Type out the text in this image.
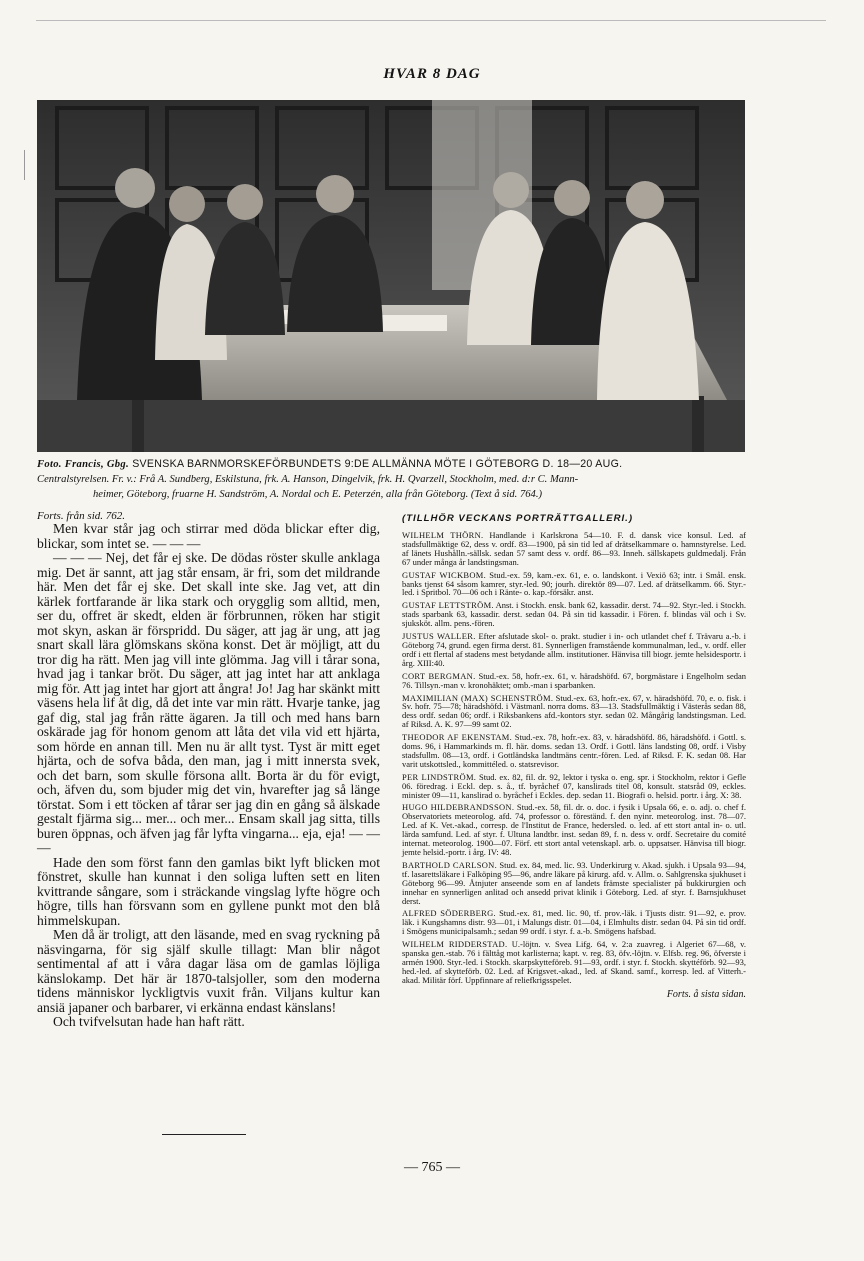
HVAR 8 DAG
Foto. Francis, Gbg. SVENSKA BARNMORSKEFÖRBUNDETS 9:DE ALLMÄNNA MÖTE I GÖTEBORG D. 18—20 AUG.
Centralstyrelsen. Fr. v.: Frå A. Sundberg, Eskilstuna, frk. A. Hanson, Dingelvik, frk. H. Qvarzell, Stockholm, med. d:r C. Mann-
heimer, Göteborg, fruarne H. Sandström, A. Nordal och E. Peterzén, alla från Göteborg. (Text å sid. 764.)
Forts. från sid. 762.

Men kvar står jag och stirrar med döda blickar efter dig, blickar, som intet se. — — —

— — — Nej, det får ej ske. De dödas röster skulle anklaga mig. Det är sannt, att jag står ensam, är fri, som det mildrande här. Men det får ej ske. Det skall inte ske. Jag vet, att din kärlek fortfarande är lika stark och orygglig som alltid, men, ser du, offret är skedt, elden är förbrunnen, röken har stigit mot skyn, askan är förspridd. Du säger, att jag är ung, att jag snart skall lära glömskans sköna konst. Det är möjligt, att du tror dig ha rätt. Men jag vill inte glömma. Jag vill i tårar sona, hvad jag i tankar bröt. Du säger, att jag intet har att anklaga mig för. Att jag intet har gjort att ångra! Jo! Jag har skänkt mitt väsens hela lif åt dig, då det inte var min rätt. Hvarje tanke, jag gaf dig, stal jag från rätte ägaren. Ja till och med hans barn oskärade jag för honom genom att låta det vila vid ett hjärta, som hörde en annan till. Men nu är allt tyst. Tyst är mitt eget hjärta, och de sofva båda, den man, jag i mitt innersta svek, och det barn, som skulle försona allt. Borta är du för evigt, och, äfven du, som bjuder mig det vin, hvarefter jag så länge törstat. Som i ett töcken af tårar ser jag din en gång så älskade gestalt fjärma sig... mer... och mer... Ensam skall jag sitta, tills buren öppnas, och äfven jag får lyfta vingarna... eja, eja! — — —

Hade den som först fann den gamlas bikt lyft blicken mot fönstret, skulle han kunnat i den soliga luften sett en liten kvittrande sångare, som i sträckande vingslag lyfte högre och högre, tills han försvann som en gyllene punkt mot den blå himmelskupan.

Men då är troligt, att den läsande, med en svag ryckning på näsvingarna, för sig själf skulle tillagt: Man blir något sentimental af att i våra dagar läsa om de gamlas löjliga känslokamp. Det här är 1870-talsjoller, som den moderna tidens människor lyckligtvis vuxit från. Viljans kultur kan ansiä japaner och barbarer, vi erkänna endast känslans!

Och tvifvelsutan hade han haft rätt.

(TILLHÖR VECKANS PORTRÄTTGALLERI.)

WILHELM THÖRN. Handlande i Karlskrona 54—10. F. d. dansk vice konsul. Led. af stadsfullmäktige 62, dess v. ordf. 83—1900, på sin tid led af drätselkammare o. hamnstyrelse. Led. af länets Hushålln.-sällsk. sedan 57 samt dess v. ordf. 86—93. Inneh. sällskapets guldmedalj. Från 67 under många år landstingsman.

GUSTAF WICKBOM. Stud.-ex. 59, kam.-ex. 61, e. o. landskont. i Vexiö 63; intr. i Smål. ensk. banks tjenst 64 såsom kamrer, styr.-led. 90; jourh. direktör 89—07. Led. af drätselkamm. 66. Styr.-led. i Spritbol. 70—06 och i Ränte- o. kap.-försäkr. anst.

GUSTAF LETTSTRÖM. Anst. i Stockh. ensk. bank 62, kassadir. derst. 74—92. Styr.-led. i Stockh. stads sparbank 63, kassadir. derst. sedan 04. På sin tid kassadir. i Fören. f. blindas väl och i Sv. sjuksköt. allm. pens.-fören.

JUSTUS WALLER. Efter afslutade skol- o. prakt. studier i in- och utlandet chef f. Trävaru a.-b. i Göteborg 74, grund. egen firma derst. 81. Synnerligen framstående kommunalman, led., v. ordf. eller ordf i ett flertal af stadens mest betydande allm. institutioner. Hänvisa till biogr. jemte helsidesportr. i årg. XIII:40.

CORT BERGMAN. Stud.-ex. 58, hofr.-ex. 61, v. häradshöfd. 67, borgmästare i Engelholm sedan 76. Tillsyn.-man v. kronohäktet; omb.-man i sparbanken.

MAXIMILIAN (MAX) SCHENSTRÖM. Stud.-ex. 63, hofr.-ex. 67, v. häradshöfd. 70, e. o. fisk. i Sv. hofr. 75—78; häradshöfd. i Västmanl. norra doms. 83—13. Stadsfullmäktig i Västerås sedan 88, dess ordf. sedan 06; ordf. i Riksbankens afd.-kontors styr. sedan 02. Mångårig landstingsman. Led. af Riksd. A. K. 97—99 samt 02.

THEODOR AF EKENSTAM. Stud.-ex. 78, hofr.-ex. 83, v. häradshöfd. 86, häradshöfd. i Gottl. s. doms. 96, i Hammarkinds m. fl. här. doms. sedan 13. Ordf. i Gottl. läns landsting 08, ordf. i Visby stadsfullm. 08—13, ordf. i Gottländska landtmäns centr.-fören. Led. af Riksd. F. K. sedan 08. Har varit utskottsled., kommittéled. o. statsrevisor.

PER LINDSTRÖM. Stud. ex. 82, fil. dr. 92, lektor i tyska o. eng. spr. i Stockholm, rektor i Gefle 06. föredrag. i Eckl. dep. s. å., tf. byråchef 07, kanslirads titel 08, konsult. statsråd 09, eckles. minister 09—11, kanslirad o. byråchef i Eckles. dep. sedan 11. Biografi o. helsid. portr. i årg. X: 38.

HUGO HILDEBRANDSSON. Stud.-ex. 58, fil. dr. o. doc. i fysik i Upsala 66, e. o. adj. o. chef f. Observatoriets meteorolog. afd. 74, professor o. föreständ. f. den nyinr. meteorolog. inst. 78—07. Led. af K. Vet.-akad., corresp. de l'Institut de France, hedersled. o. led. af ett stort antal in- o. utl. lärda samfund. Led. af styr. f. Ultuna landtbr. inst. sedan 89, f. n. dess v. ordf. Secretaire du comité internat. meteorolog. 1900—07. Förf. ett stort antal vetenskapl. arb. o. uppsatser. Hänvisa till biogr. jemte helsid.-portr. i årg. IV: 48.

BARTHOLD CARLSON. Stud. ex. 84, med. lic. 93. Underkirurg v. Akad. sjukh. i Upsala 93—94, tf. lasarettsläkare i Falköping 95—96, andre läkare på kirurg. afd. v. Allm. o. Sahlgrenska sjukhuset i Göteborg 96—99. Åtnjuter anseende som en af landets främste specialister på bukkirurgien och innehar en synnerligen anlitad och ansedd privat klinik i Göteborg. Led. af styr. f. Barnsjukhuset derst.

ALFRED SÖDERBERG. Stud.-ex. 81, med. lic. 90, tf. prov.-läk. i Tjusts distr. 91—92, e. prov. läk. i Kungshamns distr. 93—01, i Malungs distr. 01—04, i Elmhults distr. sedan 04. På sin tid ordf. i Smögens municipalsamh.; sedan 99 ordf. i styr. f. a.-b. Smögens hafsbad.

WILHELM RIDDERSTAD. U.-löjtn. v. Svea Lifg. 64, v. 2:a zuavreg. i Algeriet 67—68, v. spanska gen.-stab. 76 i fälttåg mot karlisterna; kapt. v. reg. 83, öfv.-löjtn. v. Elfsb. reg. 96, öfverste i armén 1900. Styr.-led. i Stockh. skarpskytteföreb. 91—93, ordf. i styr. f. Stockh. skyttéförb. 92—93, hed.-led. af skytteförb. 02. Led. af Krigsvet.-akad., led. af Skand. samf., korresp. led. af Vitterh.-akad. Militär förf. Uppfinnare af reliefkrigsspelet.

Forts. å sista sidan.
— 765 —
